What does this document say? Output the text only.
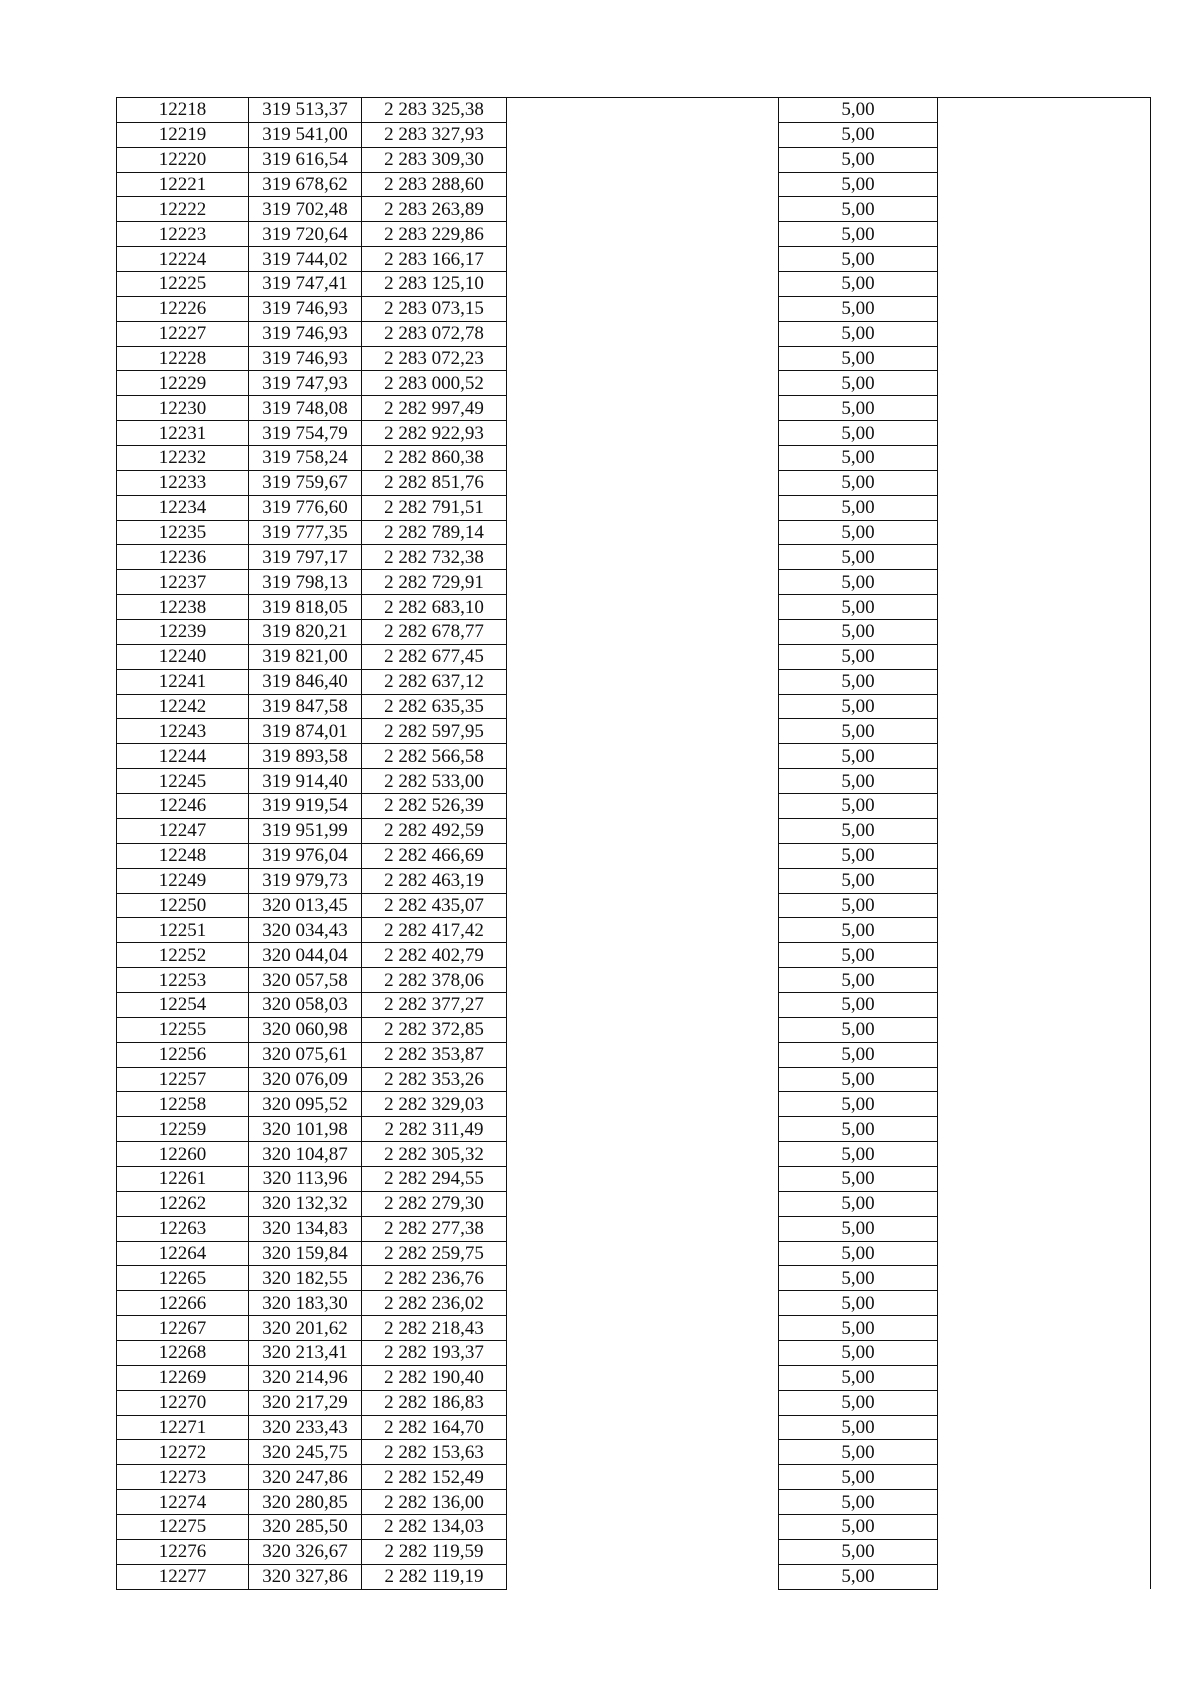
12218	319 513,37	2 283 325,38		5,00	
12219	319 541,00	2 283 327,93		5,00	
12220	319 616,54	2 283 309,30		5,00	
12221	319 678,62	2 283 288,60		5,00	
12222	319 702,48	2 283 263,89		5,00	
12223	319 720,64	2 283 229,86		5,00	
12224	319 744,02	2 283 166,17		5,00	
12225	319 747,41	2 283 125,10		5,00	
12226	319 746,93	2 283 073,15		5,00	
12227	319 746,93	2 283 072,78		5,00	
12228	319 746,93	2 283 072,23		5,00	
12229	319 747,93	2 283 000,52		5,00	
12230	319 748,08	2 282 997,49		5,00	
12231	319 754,79	2 282 922,93		5,00	
12232	319 758,24	2 282 860,38		5,00	
12233	319 759,67	2 282 851,76		5,00	
12234	319 776,60	2 282 791,51		5,00	
12235	319 777,35	2 282 789,14		5,00	
12236	319 797,17	2 282 732,38		5,00	
12237	319 798,13	2 282 729,91		5,00	
12238	319 818,05	2 282 683,10		5,00	
12239	319 820,21	2 282 678,77		5,00	
12240	319 821,00	2 282 677,45		5,00	
12241	319 846,40	2 282 637,12		5,00	
12242	319 847,58	2 282 635,35		5,00	
12243	319 874,01	2 282 597,95		5,00	
12244	319 893,58	2 282 566,58		5,00	
12245	319 914,40	2 282 533,00		5,00	
12246	319 919,54	2 282 526,39		5,00	
12247	319 951,99	2 282 492,59		5,00	
12248	319 976,04	2 282 466,69		5,00	
12249	319 979,73	2 282 463,19		5,00	
12250	320 013,45	2 282 435,07		5,00	
12251	320 034,43	2 282 417,42		5,00	
12252	320 044,04	2 282 402,79		5,00	
12253	320 057,58	2 282 378,06		5,00	
12254	320 058,03	2 282 377,27		5,00	
12255	320 060,98	2 282 372,85		5,00	
12256	320 075,61	2 282 353,87		5,00	
12257	320 076,09	2 282 353,26		5,00	
12258	320 095,52	2 282 329,03		5,00	
12259	320 101,98	2 282 311,49		5,00	
12260	320 104,87	2 282 305,32		5,00	
12261	320 113,96	2 282 294,55		5,00	
12262	320 132,32	2 282 279,30		5,00	
12263	320 134,83	2 282 277,38		5,00	
12264	320 159,84	2 282 259,75		5,00	
12265	320 182,55	2 282 236,76		5,00	
12266	320 183,30	2 282 236,02		5,00	
12267	320 201,62	2 282 218,43		5,00	
12268	320 213,41	2 282 193,37		5,00	
12269	320 214,96	2 282 190,40		5,00	
12270	320 217,29	2 282 186,83		5,00	
12271	320 233,43	2 282 164,70		5,00	
12272	320 245,75	2 282 153,63		5,00	
12273	320 247,86	2 282 152,49		5,00	
12274	320 280,85	2 282 136,00		5,00	
12275	320 285,50	2 282 134,03		5,00	
12276	320 326,67	2 282 119,59		5,00	
12277	320 327,86	2 282 119,19		5,00	
